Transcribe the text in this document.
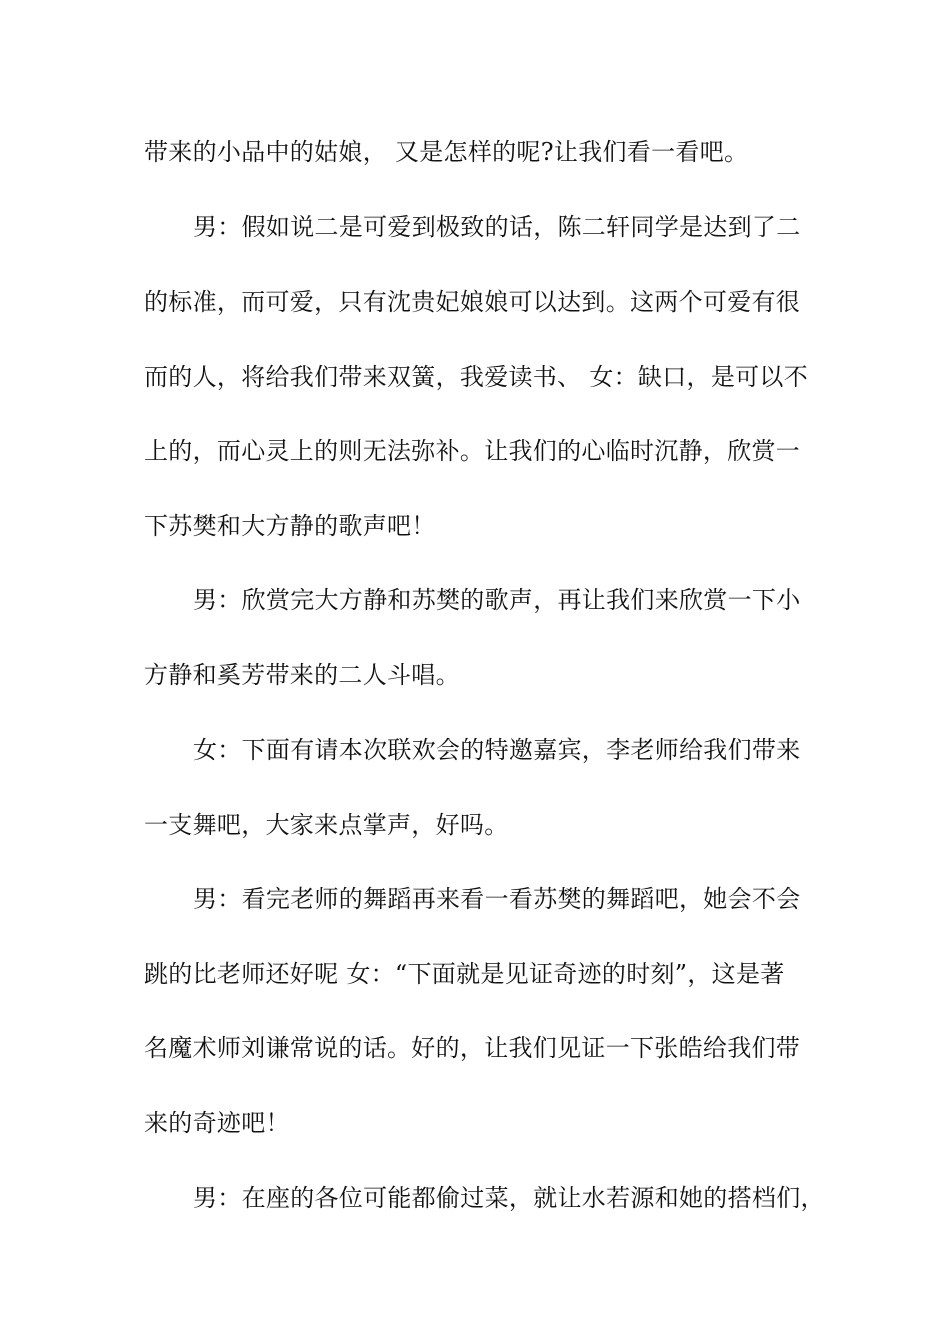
带来的小品中的姑娘， 又是怎样的呢?让我们看一看吧。
男：假如说二是可爱到极致的话，陈二轩同学是达到了二
的标准，而可爱，只有沈贵妃娘娘可以达到。这两个可爱有很
而的人，将给我们带来双簧，我爱读书、 女：缺口，是可以不
上的，而心灵上的则无法弥补。让我们的心临时沉静，欣赏一
下苏樊和大方静的歌声吧！
男：欣赏完大方静和苏樊的歌声，再让我们来欣赏一下小
方静和奚芳带来的二人斗唱。
女：下面有请本次联欢会的特邀嘉宾，李老师给我们带来
一支舞吧，大家来点掌声，好吗。
男：看完老师的舞蹈再来看一看苏樊的舞蹈吧，她会不会
跳的比老师还好呢 女：“下面就是见证奇迹的时刻”，这是著
名魔术师刘谦常说的话。好的，让我们见证一下张皓给我们带
来的奇迹吧！
男：在座的各位可能都偷过菜，就让水若源和她的搭档们，
